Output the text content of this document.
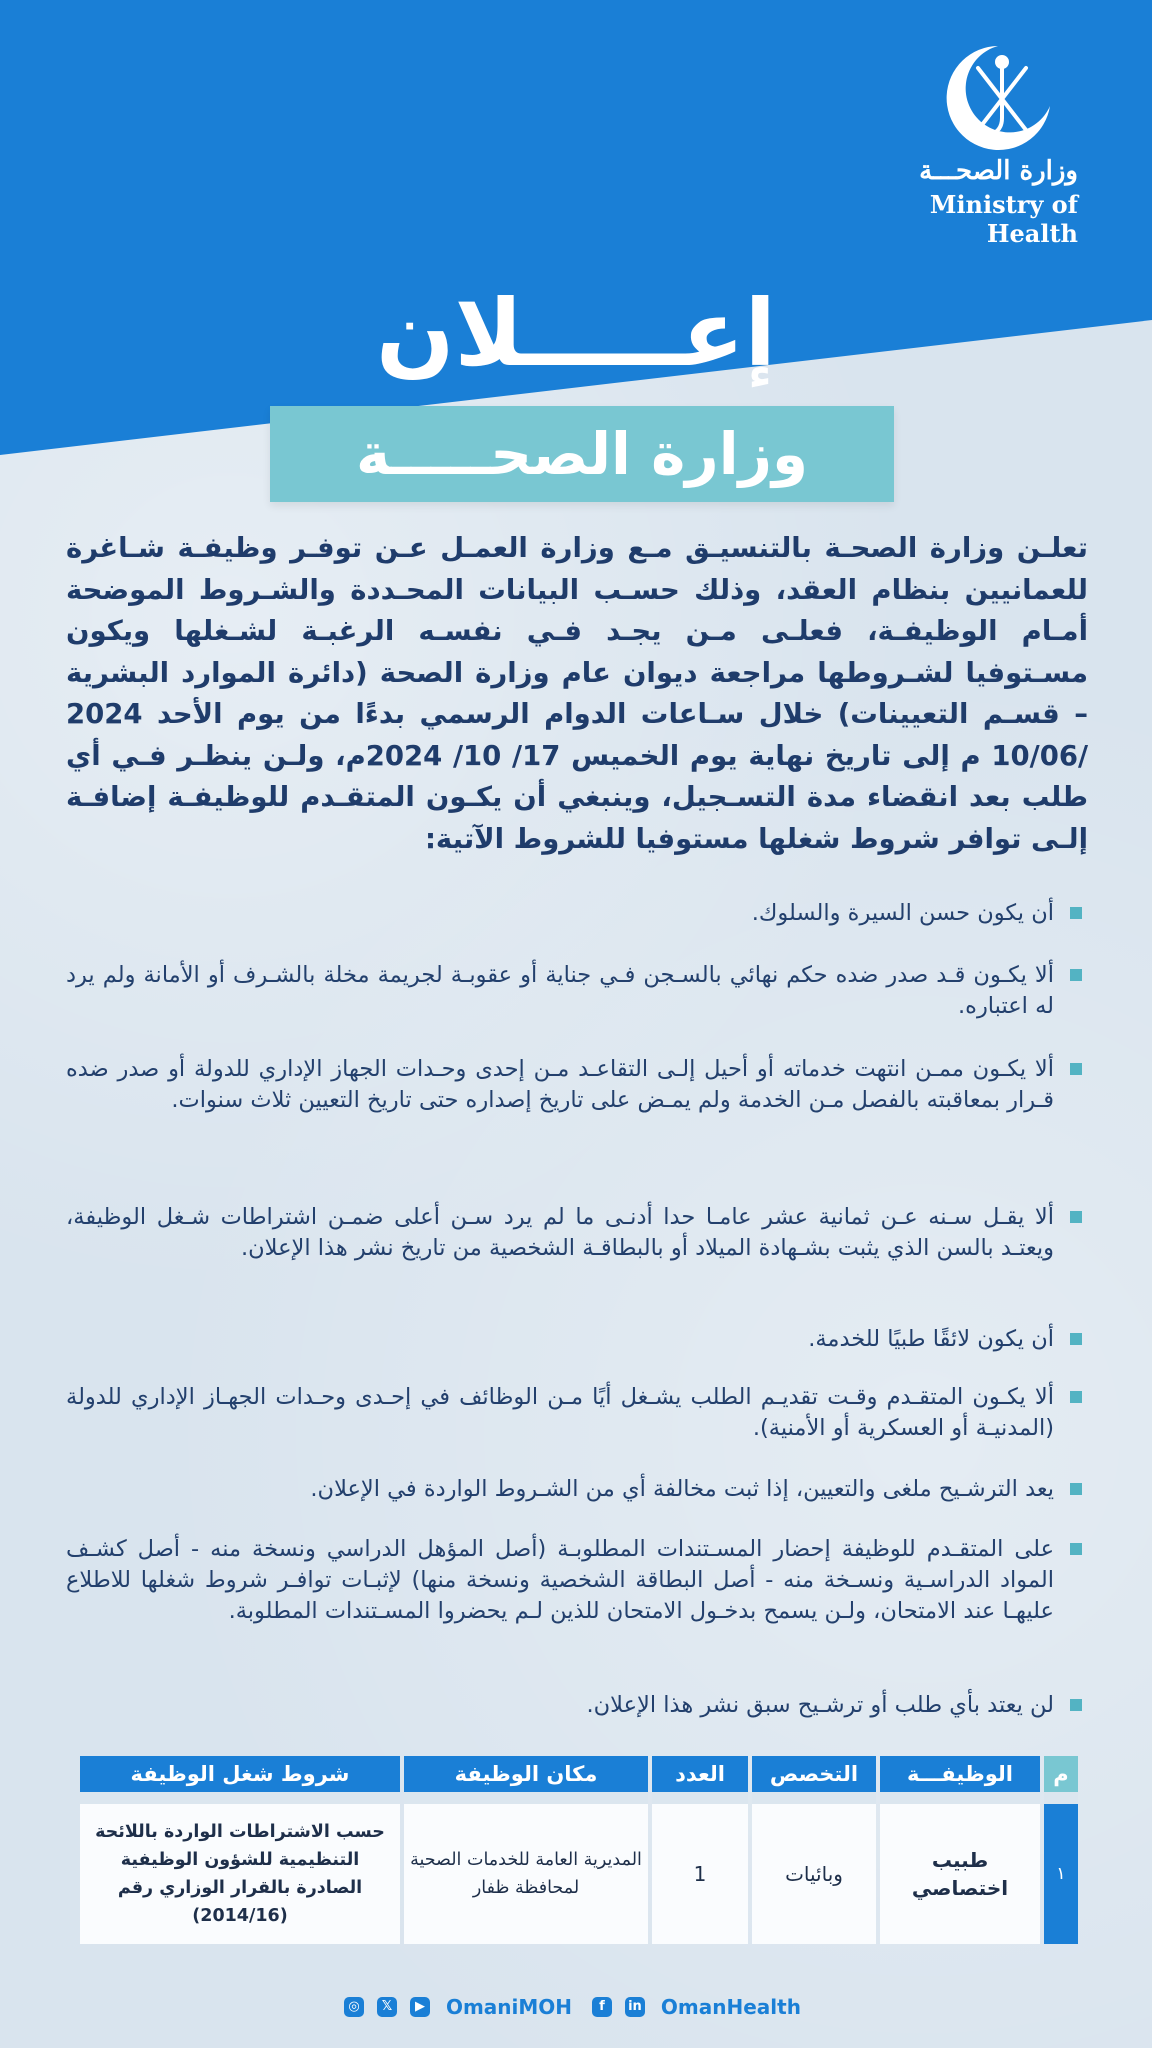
وزارة الصحـــة
Ministry of Health
إعـــــلان
وزارة الصحـــــة
تعلـن وزارة الصحـة بالتنسيـق مـع وزارة العمـل عـن توفـر وظيفـة شـاغرة للعمانيين بنظام العقد، وذلك حسـب البيانات المحـددة والشـروط الموضحة أمـام الوظيفـة، فعلـى مـن يجـد فـي نفسـه الرغبـة لشـغلها ويكون مسـتوفيا لشـروطها مراجعة ديوان عام وزارة الصحة (دائرة الموارد البشرية – قسـم التعيينات) خلال سـاعات الدوام الرسمي بدءًا من يوم الأحد 2024 /10/06 م إلى تاريخ نهاية يوم الخميس 17/ 10/ 2024م، ولـن ينظـر فـي أي طلب بعد انقضاء مدة التسـجيل، وينبغي أن يكـون المتقـدم للوظيفـة إضافـة إلـى توافر شروط شغلها مستوفيا للشروط الآتية:
أن يكون حسن السيرة والسلوك.
ألا يكـون قـد صدر ضده حكم نهائي بالسـجن فـي جناية أو عقوبـة لجريمة مخلة بالشـرف أو الأمانة ولم يرد له اعتباره.
ألا يكـون ممـن انتهت خدماته أو أحيل إلـى التقاعـد مـن إحدى وحـدات الجهاز الإداري للدولة أو صدر ضده قـرار بمعاقبته بالفصل مـن الخدمة ولم يمـض على تاريخ إصداره حتى تاريخ التعيين ثلاث سنوات.
ألا يقـل سـنه عـن ثمانية عشر عامـا حدا أدنـى ما لم يرد سـن أعلى ضمـن اشتراطات شـغل الوظيفة، ويعتـد بالسن الذي يثبت بشـهادة الميلاد أو بالبطاقـة الشخصية من تاريخ نشر هذا الإعلان.
أن يكون لائقًا طبيًا للخدمة.
ألا يكـون المتقـدم وقـت تقديـم الطلب يشـغل أيًا مـن الوظائف في إحـدى وحـدات الجهـاز الإداري للدولة (المدنيـة أو العسكرية أو الأمنية).
يعد الترشـيح ملغى والتعيين، إذا ثبت مخالفة أي من الشـروط الواردة في الإعلان.
على المتقـدم للوظيفة إحضار المسـتندات المطلوبـة (أصل المؤهل الدراسي ونسخة منه - أصل كشـف المواد الدراسـية ونسـخة منه - أصل البطاقة الشخصية ونسخة منها) لإثبـات توافـر شروط شغلها للاطلاع عليهـا عند الامتحان، ولـن يسمح بدخـول الامتحان للذين لـم يحضروا المسـتندات المطلوبة.
لن يعتد بأي طلب أو ترشـيح سبق نشر هذا الإعلان.
م	الوظيفـــة	التخصص	العدد	مكان الوظيفة	شروط شغل الوظيفة
١	طبيب اختصاصي	وبائيات	1	المديرية العامة للخدمات الصحية لمحافظة ظفار	حسب الاشتراطات الواردة باللائحة التنظيمية للشؤون الوظيفية الصادرة بالقرار الوزاري رقم (2014/16)
◎ 𝕏 ▶ OmaniMOH f in OmanHealth
